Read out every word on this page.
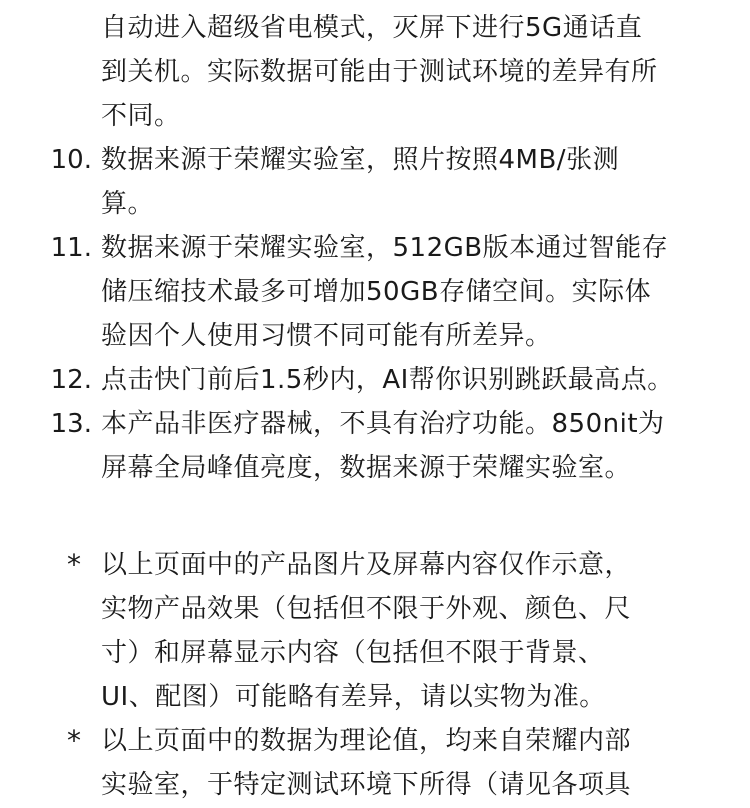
自动进入超级省电模式，灭屏下进行5G通话直
到关机。实际数据可能由于测试环境的差异有所
不同。
10. 数据来源于荣耀实验室，照片按照4MB/张测
算。
11. 数据来源于荣耀实验室，512GB版本通过智能存
储压缩技术最多可增加50GB存储空间。实际体
验因个人使用习惯不同可能有所差异。
12. 点击快门前后1.5秒内，AI帮你识别跳跃最高点。
13. 本产品非医疗器械，不具有治疗功能。850nit为
屏幕全局峰值亮度，数据来源于荣耀实验室。
* 以上页面中的产品图片及屏幕内容仅作示意，
实物产品效果（包括但不限于外观、颜色、尺
寸）和屏幕显示内容（包括但不限于背景、
UI、配图）可能略有差异，请以实物为准。
* 以上页面中的数据为理论值，均来自荣耀内部
实验室，于特定测试环境下所得（请见各项具
